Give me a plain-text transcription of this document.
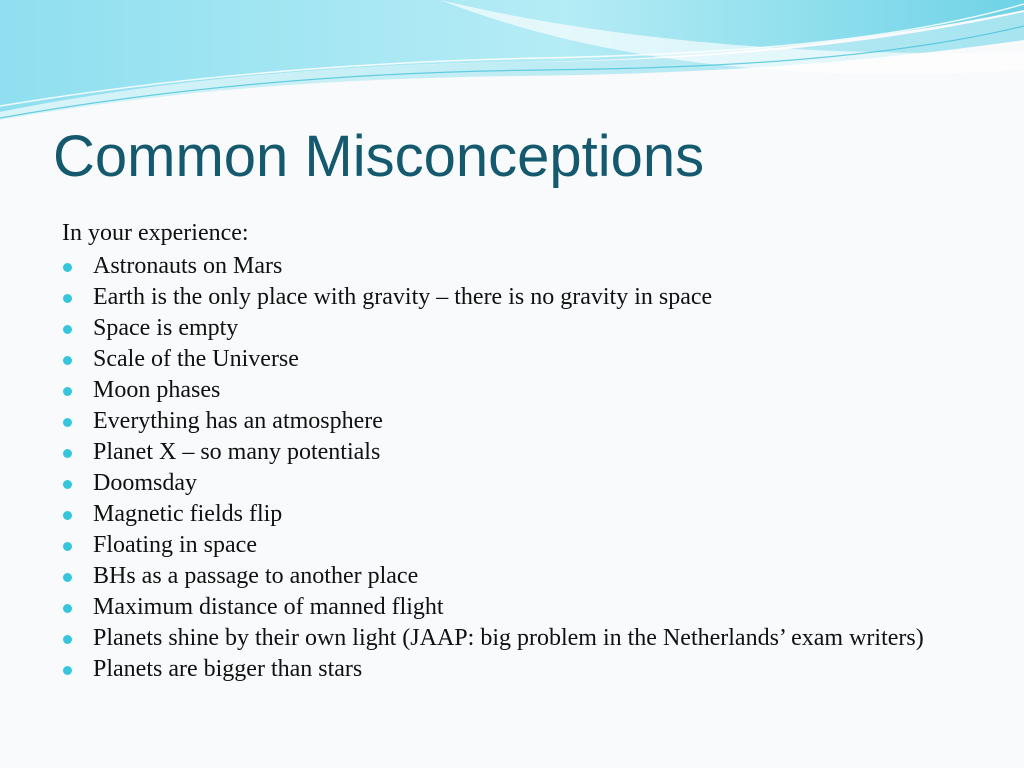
Common Misconceptions

In your experience:

Astronauts on Mars
Earth is the only place with gravity – there is no gravity in space
Space is empty
Scale of the Universe
Moon phases
Everything has an atmosphere
Planet X – so many potentials
Doomsday
Magnetic fields flip
Floating in space
BHs as a passage to another place
Maximum distance of manned flight
Planets shine by their own light (JAAP: big problem in the Netherlands’ exam writers)
Planets are bigger than stars
